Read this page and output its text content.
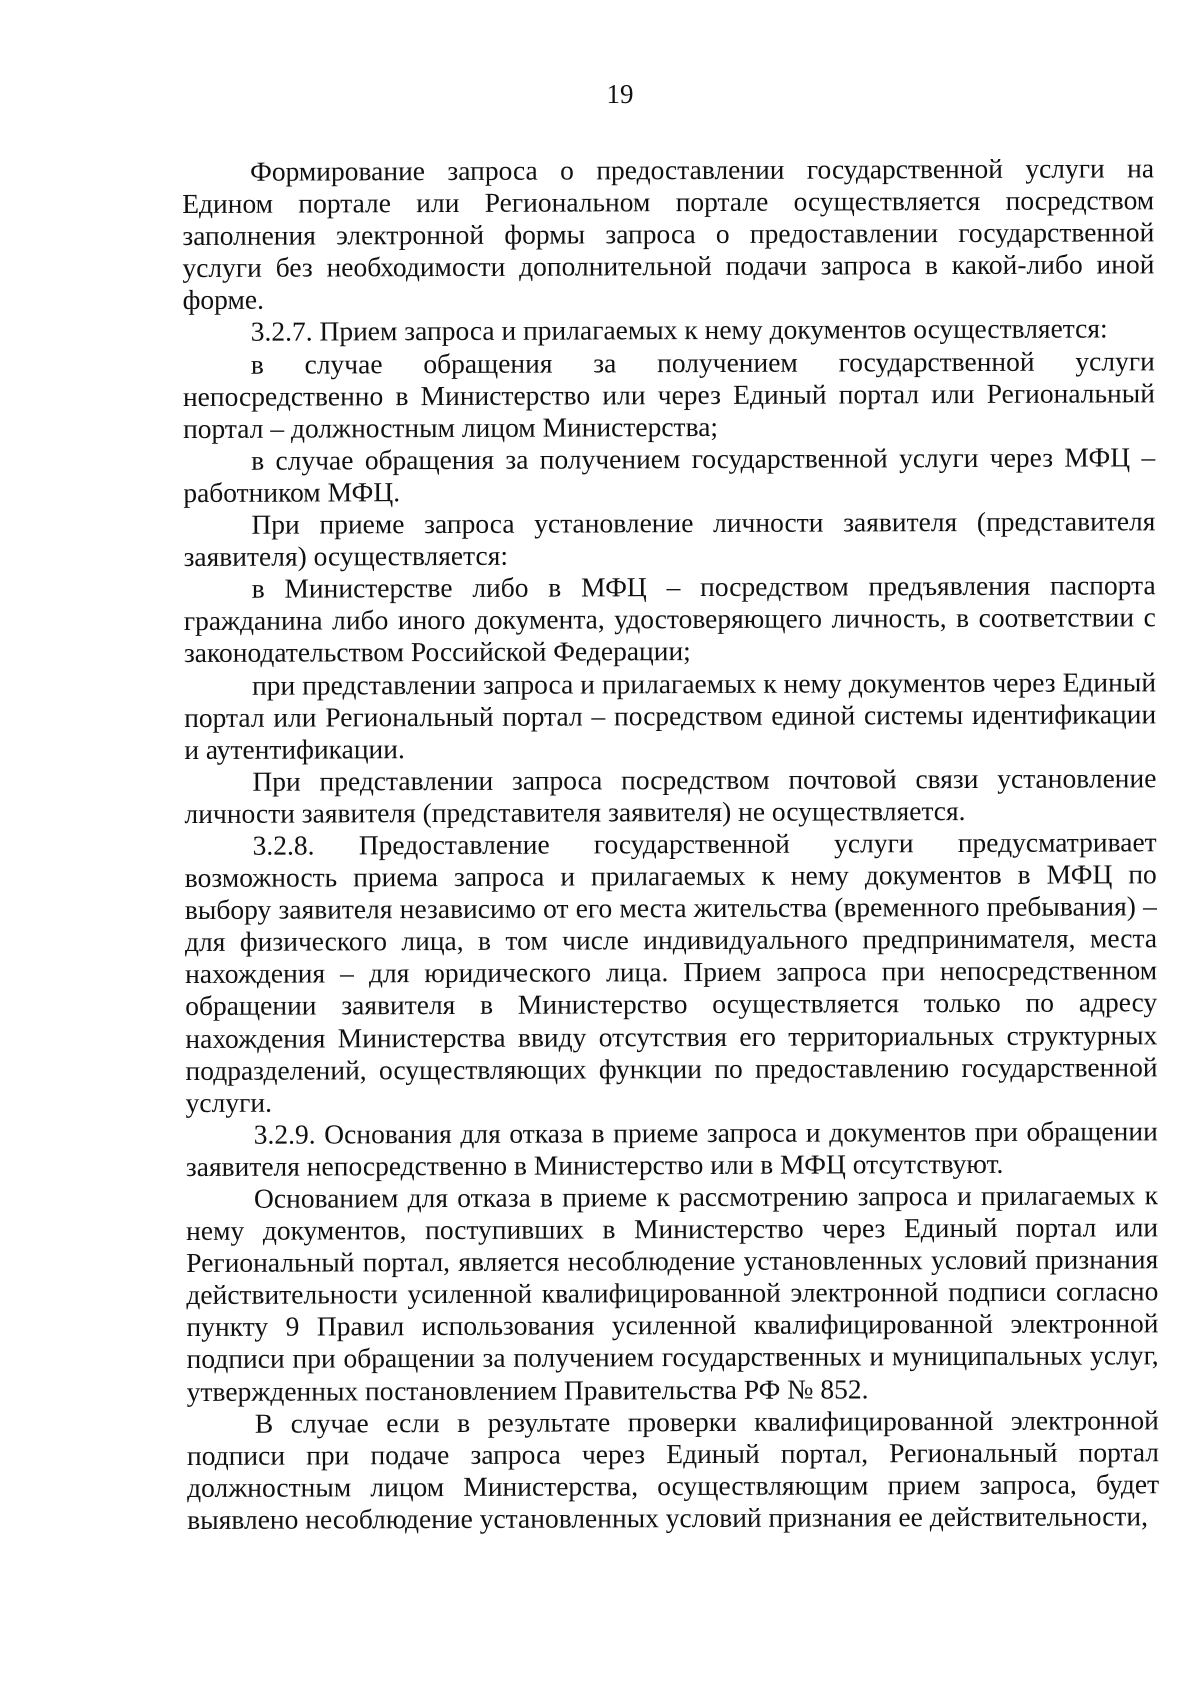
19

Формирование запроса о предоставлении государственной услуги на Едином портале или Региональном портале осуществляется посредством заполнения электронной формы запроса о предоставлении государственной услуги без необходимости дополнительной подачи запроса в какой-либо иной форме.

3.2.7. Прием запроса и прилагаемых к нему документов осуществляется:

в случае обращения за получением государственной услуги непосредственно в Министерство или через Единый портал или Региональный портал – должностным лицом Министерства;

в случае обращения за получением государственной услуги через МФЦ – работником МФЦ.

При приеме запроса установление личности заявителя (представителя заявителя) осуществляется:

в Министерстве либо в МФЦ – посредством предъявления паспорта гражданина либо иного документа, удостоверяющего личность, в соответствии с законодательством Российской Федерации;

при представлении запроса и прилагаемых к нему документов через Единый портал или Региональный портал – посредством единой системы идентификации и аутентификации.

При представлении запроса посредством почтовой связи установление личности заявителя (представителя заявителя) не осуществляется.

3.2.8. Предоставление государственной услуги предусматривает возможность приема запроса и прилагаемых к нему документов в МФЦ по выбору заявителя независимо от его места жительства (временного пребывания) – для физического лица, в том числе индивидуального предпринимателя, места нахождения – для юридического лица. Прием запроса при непосредственном обращении заявителя в Министерство осуществляется только по адресу нахождения Министерства ввиду отсутствия его территориальных структурных подразделений, осуществляющих функции по предоставлению государственной услуги.

3.2.9. Основания для отказа в приеме запроса и документов при обращении заявителя непосредственно в Министерство или в МФЦ отсутствуют.

Основанием для отказа в приеме к рассмотрению запроса и прилагаемых к нему документов, поступивших в Министерство через Единый портал или Региональный портал, является несоблюдение установленных условий признания действительности усиленной квалифицированной электронной подписи согласно пункту 9 Правил использования усиленной квалифицированной электронной подписи при обращении за получением государственных и муниципальных услуг, утвержденных постановлением Правительства РФ № 852.

В случае если в результате проверки квалифицированной электронной подписи при подаче запроса через Единый портал, Региональный портал должностным лицом Министерства, осуществляющим прием запроса, будет выявлено несоблюдение установленных условий признания ее действительности,
